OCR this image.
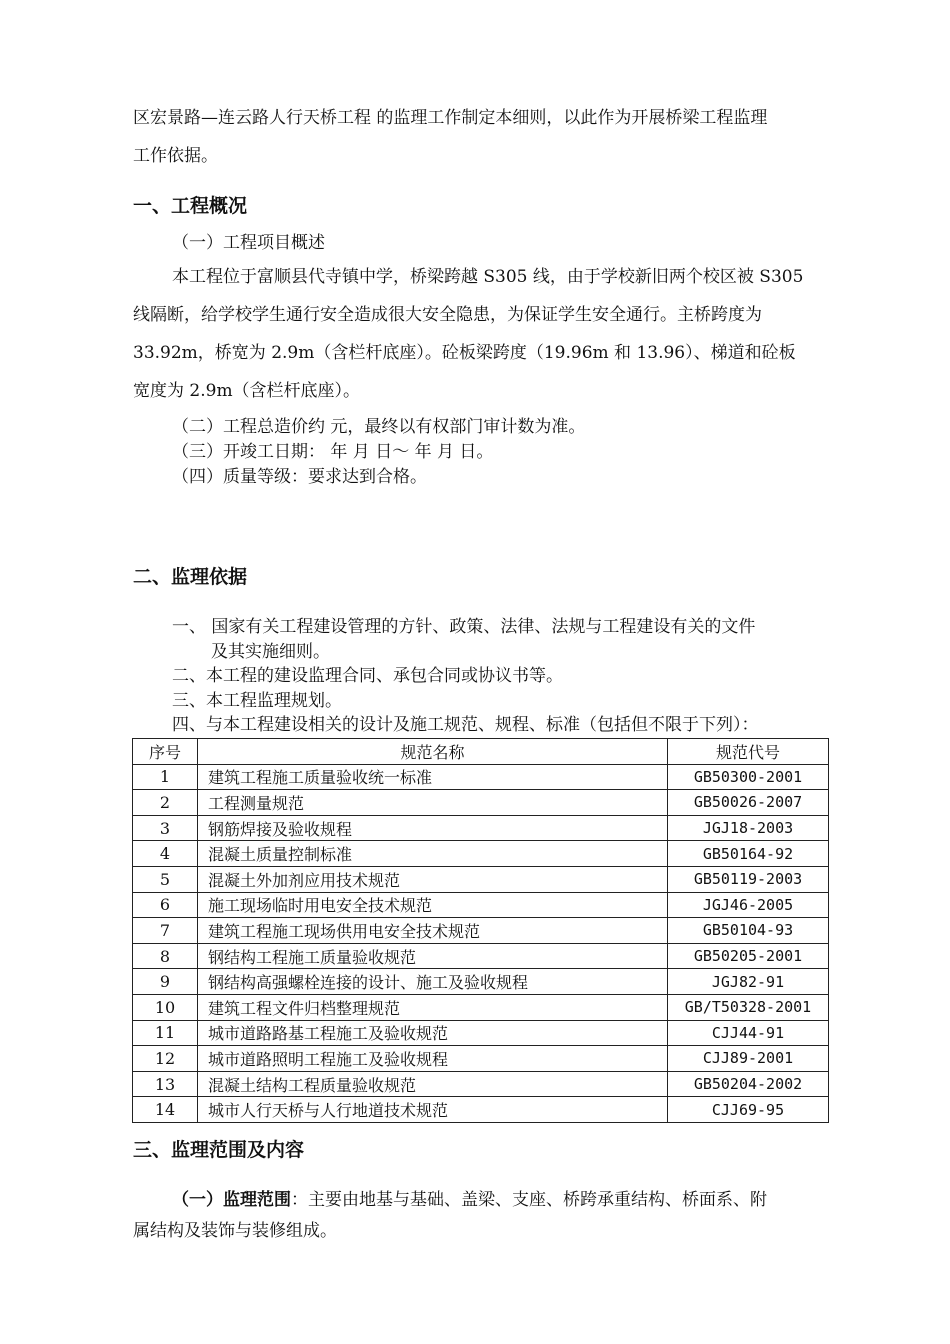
区宏景路—连云路人行天桥工程 的监理工作制定本细则，以此作为开展桥梁工程监理
工作依据。
一、工程概况
（一）工程项目概述
本工程位于富顺县代寺镇中学，桥梁跨越 S305 线，由于学校新旧两个校区被 S305
线隔断，给学校学生通行安全造成很大安全隐患，为保证学生安全通行。主桥跨度为
33.92m，桥宽为 2.9m（含栏杆底座）。砼板梁跨度（19.96m 和 13.96）、梯道和砼板
宽度为 2.9m（含栏杆底座）。
（二）工程总造价约 元，最终以有权部门审计数为准。
（三）开竣工日期： 年 月 日～ 年 月 日。
（四）质量等级：要求达到合格。
二、监理依据
一、 国家有关工程建设管理的方针、政策、法律、法规与工程建设有关的文件
及其实施细则。
二、本工程的建设监理合同、承包合同或协议书等。
三、本工程监理规划。
四、与本工程建设相关的设计及施工规范、规程、标准（包括但不限于下列）：
序号	规范名称	规范代号
1	建筑工程施工质量验收统一标准	GB50300-2001
2	工程测量规范	GB50026-2007
3	钢筋焊接及验收规程	JGJ18-2003
4	混凝土质量控制标准	GB50164-92
5	混凝土外加剂应用技术规范	GB50119-2003
6	施工现场临时用电安全技术规范	JGJ46-2005
7	建筑工程施工现场供用电安全技术规范	GB50104-93
8	钢结构工程施工质量验收规范	GB50205-2001
9	钢结构高强螺栓连接的设计、施工及验收规程	JGJ82-91
10	建筑工程文件归档整理规范	GB/T50328-2001
11	城市道路路基工程施工及验收规范	CJJ44-91
12	城市道路照明工程施工及验收规程	CJJ89-2001
13	混凝土结构工程质量验收规范	GB50204-2002
14	城市人行天桥与人行地道技术规范	CJJ69-95
三、监理范围及内容
（一）监理范围：主要由地基与基础、盖梁、支座、桥跨承重结构、桥面系、附
属结构及装饰与装修组成。
